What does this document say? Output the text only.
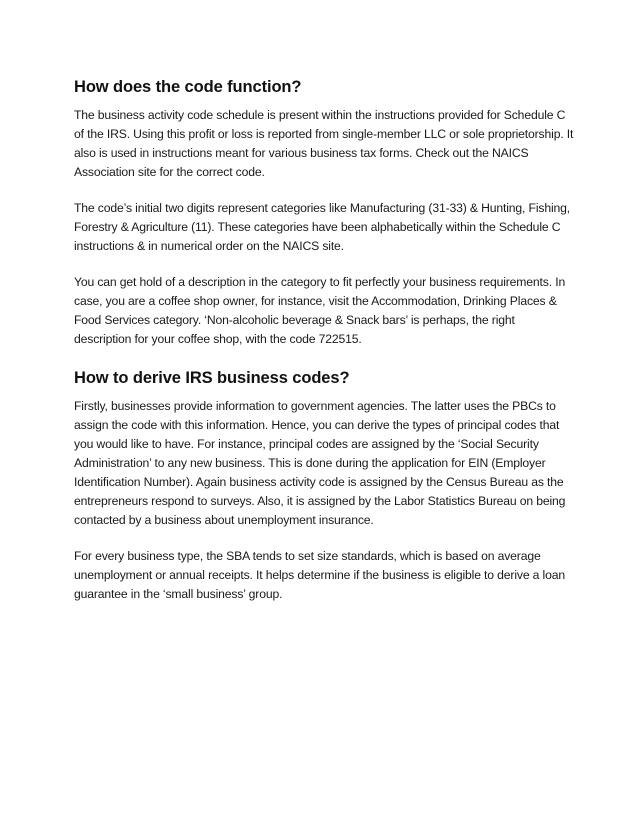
How does the code function?

The business activity code schedule is present within the instructions provided for Schedule C of the IRS. Using this profit or loss is reported from single-member LLC or sole proprietorship. It also is used in instructions meant for various business tax forms. Check out the NAICS Association site for the correct code.

The code’s initial two digits represent categories like Manufacturing (31-33) & Hunting, Fishing, Forestry & Agriculture (11). These categories have been alphabetically within the Schedule C instructions & in numerical order on the NAICS site.

You can get hold of a description in the category to fit perfectly your business requirements. In case, you are a coffee shop owner, for instance, visit the Accommodation, Drinking Places & Food Services category. ‘Non-alcoholic beverage & Snack bars’ is perhaps, the right description for your coffee shop, with the code 722515.

How to derive IRS business codes?

Firstly, businesses provide information to government agencies. The latter uses the PBCs to assign the code with this information. Hence, you can derive the types of principal codes that you would like to have. For instance, principal codes are assigned by the ‘Social Security Administration’ to any new business. This is done during the application for EIN (Employer Identification Number). Again business activity code is assigned by the Census Bureau as the entrepreneurs respond to surveys. Also, it is assigned by the Labor Statistics Bureau on being contacted by a business about unemployment insurance.

For every business type, the SBA tends to set size standards, which is based on average unemployment or annual receipts. It helps determine if the business is eligible to derive a loan guarantee in the ‘small business’ group.
